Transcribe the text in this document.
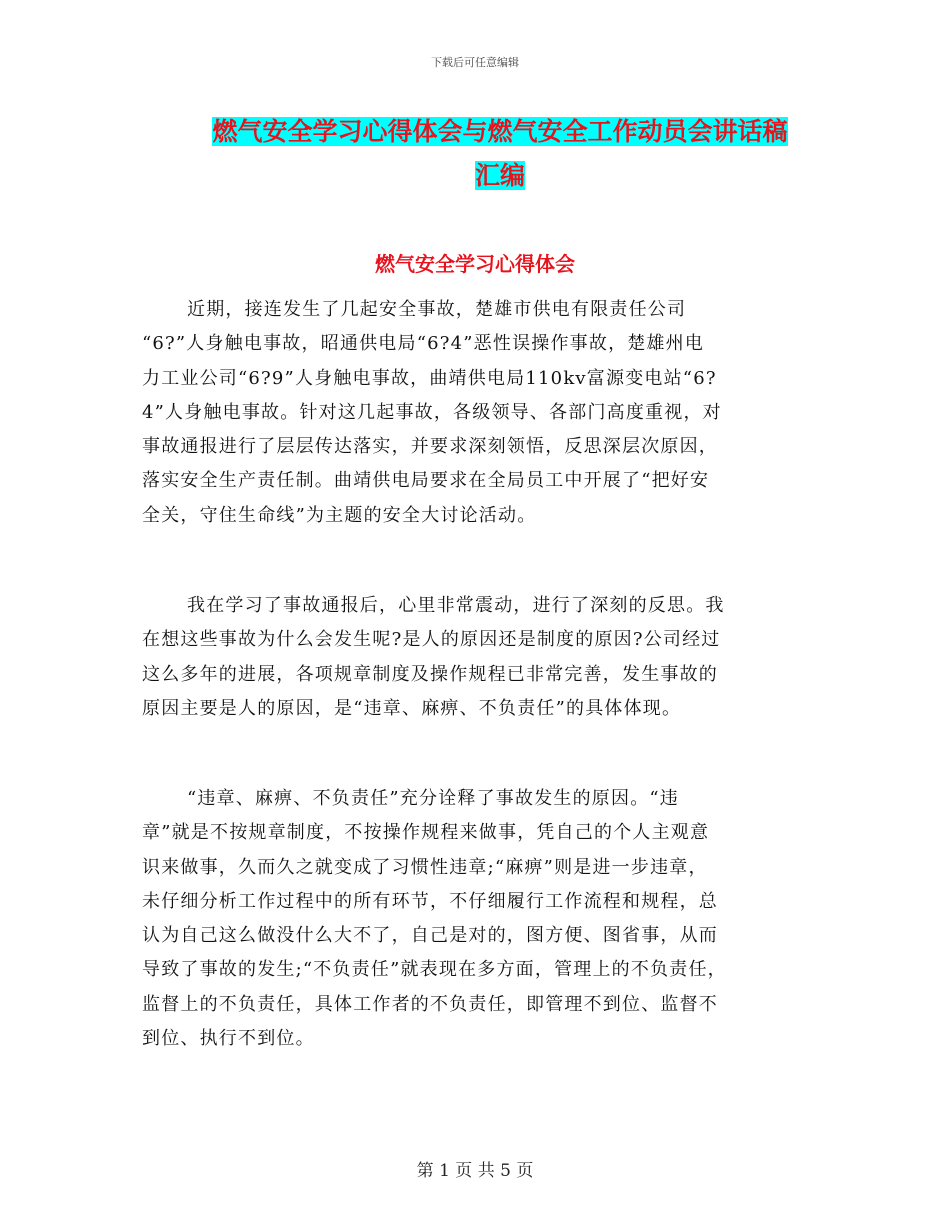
下载后可任意编辑
燃气安全学习心得体会与燃气安全工作动员会讲话稿
汇编
燃气安全学习心得体会
近期，接连发生了几起安全事故，楚雄市供电有限责任公司
“6?”人身触电事故，昭通供电局“6?4”恶性误操作事故，楚雄州电
力工业公司“6?9”人身触电事故，曲靖供电局110kv富源变电站“6?
4”人身触电事故。针对这几起事故，各级领导、各部门高度重视，对
事故通报进行了层层传达落实，并要求深刻领悟，反思深层次原因，
落实安全生产责任制。曲靖供电局要求在全局员工中开展了“把好安
全关，守住生命线”为主题的安全大讨论活动。
我在学习了事故通报后，心里非常震动，进行了深刻的反思。我
在想这些事故为什么会发生呢?是人的原因还是制度的原因?公司经过
这么多年的进展，各项规章制度及操作规程已非常完善，发生事故的
原因主要是人的原因，是“违章、麻痹、不负责任”的具体体现。
“违章、麻痹、不负责任”充分诠释了事故发生的原因。“违
章”就是不按规章制度，不按操作规程来做事，凭自己的个人主观意
识来做事，久而久之就变成了习惯性违章;“麻痹”则是进一步违章，
未仔细分析工作过程中的所有环节，不仔细履行工作流程和规程，总
认为自己这么做没什么大不了，自己是对的，图方便、图省事，从而
导致了事故的发生;“不负责任”就表现在多方面，管理上的不负责任，
监督上的不负责任，具体工作者的不负责任，即管理不到位、监督不
到位、执行不到位。
第 1 页 共 5 页
